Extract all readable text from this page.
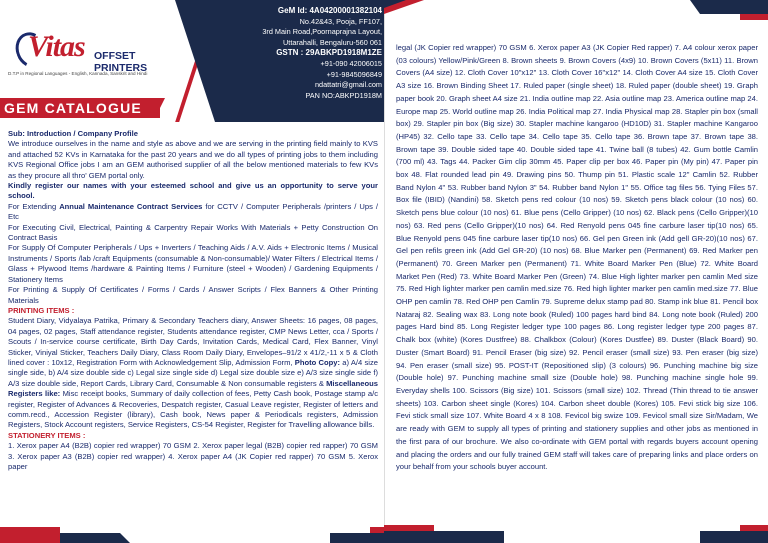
GeM Id: 4A04200001382104
No.42&43, Pooja, FF107,
3rd Main Road,Poornaprajna Layout,
Uttarahalli, Bengaluru-560 061
GSTN : 29ABKPD1918M1ZE
+91-090 42006015
+91-9845096849
ndattatri@gmail.com
PAN NO:ABKPD1918M
Vitas OFFSET PRINTERS
D.T.P in Regional Languages - English, Kannada, Sanskrit and Hindi
GEM CATALOGUE

Sub: Introduction / Company Profile

We introduce ourselves in the name and style as above and we are serving in the printing field mainly to KVS and attached 52 KVs in Karnataka for the past 20 years and we do all types of printing jobs to them including KVS Regional Office jobs I am an GEM authorised supplier of all the below mentioned materials to few KVs as they procure all thro' GEM portal only.

Kindly register our names with your esteemed school and give us an opportunity to serve your school.

For Extending Annual Maintenance Contract Services for CCTV / Computer Peripherals /printers / Ups / Etc

For Executing Civil, Electrical, Painting & Carpentry Repair Works With Materials + Petty Construction On Contract Basis

For Supply Of Computer Peripherals / Ups + Inverters / Teaching Aids / A.V. Aids + Electronic Items / Musical Instruments / Sports /lab /craft Equipments (consumable & Non-consumable)/ Water Filters / Electrical Items / Glass + Plywood Items /hardware & Painting Items / Furniture (steel + Wooden) / Gardening Equipments / Stationery Items

For Printing & Supply Of Certificates / Forms / Cards / Answer Scripts / Flex Banners & Other Printing Materials

PRINTING ITEMS :

Student Diary, Vidyalaya Patrika, Primary & Secondary Teachers diary, Answer Sheets: 16 pages, 08 pages, 04 pages, 02 pages, Staff attendance register, Students attendance register, CMP News Letter, cca / Sports / Scouts / In-service course certificate, Birth Day Cards, Invitation Cards, Medical Card, Flex Banner, Vinyl Sticker, Viniyal Sticker, Teachers Daily Diary, Class Room Daily Diary, Envelopes–91/2 x 41/2,-11 x 5 & Cloth lined cover : 10x12, Registration Form with Acknowledgement Slip, Admission Form, Photo Copy: a) A/4 size single side, b) A/4 size double side c) Legal size single side d) Legal size double size e) A/3 size single side f) A/3 size double side, Report Cards, Library Card, Consumable & Non consumable registers & Miscellaneous Registers like: Misc receipt books, Summary of daily collection of fees, Petty Cash book, Postage stamp a/c register, Register of Advances & Recoveries, Despatch register, Casual Leave register, Register of letters and comm.recd., Accession Register (library), Cash book, News paper & Periodicals registers, Admission Registers, Stock Account registers, Service Registers, CS-54 Register, Register for Travelling allowance bills.

STATIONERY ITEMS :

1. Xerox paper A4 (B2B) copier red wrapper) 70 GSM 2. Xerox paper legal (B2B) copier red rapper) 70 GSM 3. Xerox paper A3 (B2B) copier red wrapper) 4. Xerox paper A4 (JK Copier red rapper) 70 GSM 5. Xerox paper

legal (JK Copier red wrapper) 70 GSM 6. Xerox paper A3 (JK Copier Red rapper) 7. A4 colour xerox paper (03 colours) Yellow/Pink/Green 8. Brown sheets 9. Brown Covers (4x9) 10. Brown Covers (5x11) 11. Brown Covers (A4 size) 12. Cloth Cover 10"x12" 13. Cloth Cover 16"x12" 14. Cloth Cover A4 size 15. Cloth Cover A3 size 16. Brown Binding Sheet 17. Ruled paper (single sheet) 18. Ruled paper (double sheet) 19. Graph paper book 20. Graph sheet A4 size 21. India outline map 22. Asia outline map 23. America outline map 24. Europe map 25. World outline map 26. India Political map 27. India Physical map 28. Stapler pin box (small box) 29. Stapler pin box (Big size) 30. Stapler machine kangaroo (HD10D) 31. Stapler machine Kangaroo (HP45) 32. Cello tape 33. Cello tape 34. Cello tape 35. Cello tape 36. Brown tape 37. Brown tape 38. Brown tape 39. Double sided tape 40. Double sided tape 41. Twine ball (8 tubes) 42. Gum bottle Camlin (700 ml) 43. Tags 44. Packer Gim clip 30mm 45. Paper clip per box 46. Paper pin (My pin) 47. Paper pin box 48. Flat rounded lead pin 49. Drawing pins 50. Thump pin 51. Plastic scale 12" Camlin 52. Rubber Band Nylon 4" 53. Rubber band Nylon 3" 54. Rubber band Nylon 1" 55. Office tag files 56. Tying Files 57. Box file (IBID) (Nandini) 58. Sketch pens red colour (10 nos) 59. Sketch pens black colour (10 nos) 60. Sketch pens blue colour (10 nos) 61. Blue pens (Cello Gripper) (10 nos) 62. Black pens (Cello Gripper)(10 nos) 63. Red pens (Cello Gripper)(10 nos) 64. Red Renyold pens 045 fine carbure laser tip(10 nos) 65. Blue Renyold pens 045 fine carbure laser tip(10 nos) 66. Gel pen Green ink (Add gell GR-20)(10 nos) 67. Gel pen refils green ink (Add Gel GR-20) (10 nos) 68. Blue Marker pen (Permanent) 69. Red Marker pen (Permanent) 70. Green Marker pen (Permanent) 71. White Board Marker Pen (Blue) 72. White Board Market Pen (Red) 73. White Board Marker Pen (Green) 74. Blue High lighter marker pen camlin Med size 75. Red High lighter marker pen camlin med.size 76. Red high lighter marker pen camlin med.size 77. Blue OHP pen camlin 78. Red OHP pen Camlin 79. Supreme delux stamp pad 80. Stamp ink blue 81. Pencil box Nataraj 82. Sealing wax 83. Long note book (Ruled) 100 pages hard bind 84. Long note book (Ruled) 200 pages Hard bind 85. Long Register ledger type 100 pages 86. Long register ledger type 200 pages 87. Chalk box (white) (Kores Dustfree) 88. Chalkbox (Colour) (Kores Dustfee) 89. Duster (Black Board) 90. Duster (Smart Board) 91. Pencil Eraser (big size) 92. Pencil eraser (small size) 93. Pen eraser (big size) 94. Pen eraser (small size) 95. POST-IT (Repositioned slip) (3 colours) 96. Punching machine big size (Double hole) 97. Punching machine small size (Double hole) 98. Punching machine single hole 99. Everyday shells 100. Scissors (Big size) 101. Scissors (small size) 102. Thread (Thin thread to tie answer sheets) 103. Carbon sheet single (Kores) 104. Carbon sheet double (Kores) 105. Fevi stick big size 106. Fevi stick small size 107. White Board 4 x 8 108. Fevicol big swize 109. Fevicol small size Sir/Madam, We are ready with GEM to supply all types of printing and stationery supplies and other jobs as mentioned in the first para of our brochure. We also co-ordinate with GEM portal with regards buyers account opening and placing the orders and our fully trained GEM staff will takes care of preparing links and place orders on your behalf from your schools buyer account.
